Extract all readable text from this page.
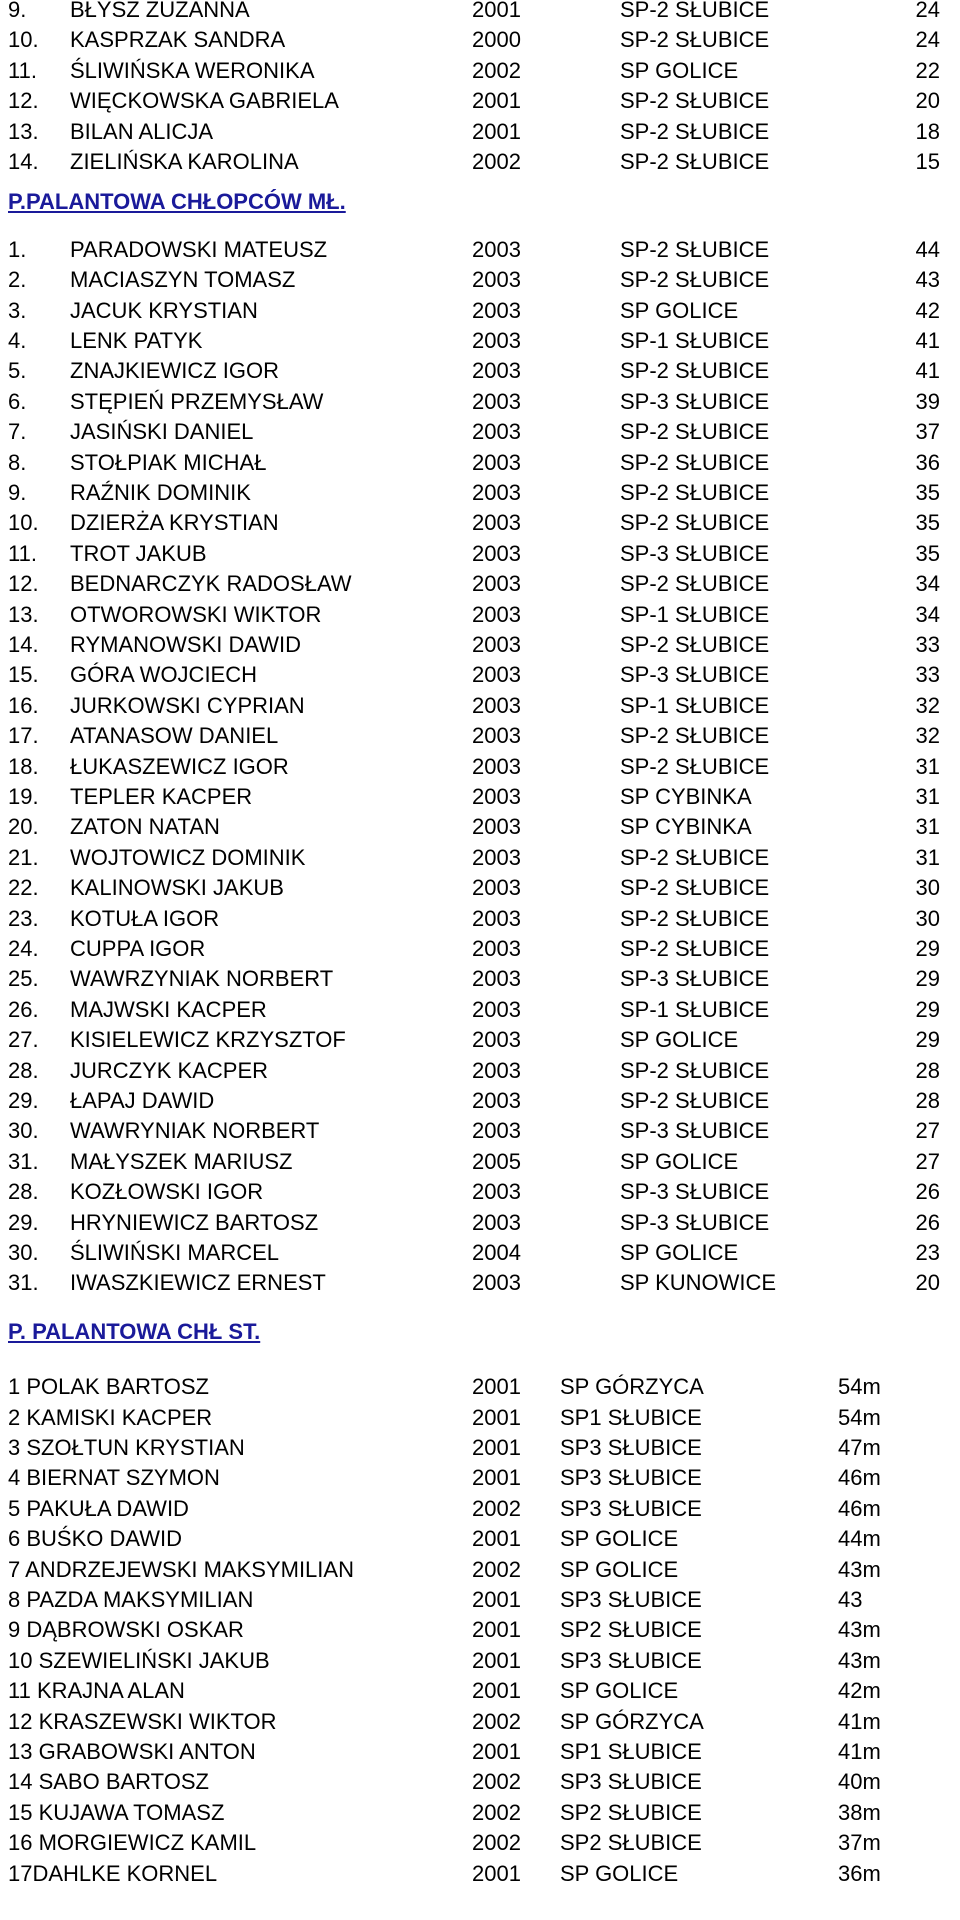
9. BŁYSZ ZUZANNA	2001	SP-2 SŁUBICE	24
10. KASPRZAK SANDRA	2000	SP-2 SŁUBICE	24
11. ŚLIWIŃSKA WERONIKA	2002	SP GOLICE	22
12. WIĘCKOWSKA GABRIELA	2001	SP-2 SŁUBICE	20
13. BILAN ALICJA	2001	SP-2 SŁUBICE	18
14. ZIELIŃSKA KAROLINA	2002	SP-2 SŁUBICE	15
P.PALANTOWA CHŁOPCÓW MŁ.
1. PARADOWSKI MATEUSZ	2003	SP-2 SŁUBICE	44
2. MACIASZYN TOMASZ	2003	SP-2 SŁUBICE	43
3. JACUK KRYSTIAN	2003	SP GOLICE	42
4. LENK PATYK	2003	SP-1 SŁUBICE	41
5. ZNAJKIEWICZ IGOR	2003	SP-2 SŁUBICE	41
6. STĘPIEŃ PRZEMYSŁAW	2003	SP-3 SŁUBICE	39
7. JASIŃSKI DANIEL	2003	SP-2 SŁUBICE	37
8. STOŁPIAK MICHAŁ	2003	SP-2 SŁUBICE	36
9. RAŹNIK DOMINIK	2003	SP-2 SŁUBICE	35
10. DZIERŻA KRYSTIAN	2003	SP-2 SŁUBICE	35
11. TROT JAKUB	2003	SP-3 SŁUBICE	35
12. BEDNARCZYK RADOSŁAW	2003	SP-2 SŁUBICE	34
13. OTWOROWSKI WIKTOR	2003	SP-1 SŁUBICE	34
14. RYMANOWSKI DAWID	2003	SP-2 SŁUBICE	33
15. GÓRA WOJCIECH	2003	SP-3 SŁUBICE	33
16. JURKOWSKI CYPRIAN	2003	SP-1 SŁUBICE	32
17. ATANASOW DANIEL	2003	SP-2 SŁUBICE	32
18. ŁUKASZEWICZ IGOR	2003	SP-2 SŁUBICE	31
19. TEPLER KACPER	2003	SP CYBINKA	31
20. ZATON NATAN	2003	SP CYBINKA	31
21. WOJTOWICZ DOMINIK	2003	SP-2 SŁUBICE	31
22. KALINOWSKI JAKUB	2003	SP-2 SŁUBICE	30
23. KOTUŁA IGOR	2003	SP-2 SŁUBICE	30
24. CUPPA IGOR	2003	SP-2 SŁUBICE	29
25. WAWRZYNIAK NORBERT	2003	SP-3 SŁUBICE	29
26. MAJWSKI KACPER	2003	SP-1 SŁUBICE	29
27. KISIELEWICZ KRZYSZTOF	2003	SP GOLICE	29
28. JURCZYK KACPER	2003	SP-2 SŁUBICE	28
29. ŁAPAJ DAWID	2003	SP-2 SŁUBICE	28
30. WAWRYNIAK NORBERT	2003	SP-3 SŁUBICE	27
31. MAŁYSZEK MARIUSZ	2005	SP GOLICE	27
28. KOZŁOWSKI IGOR	2003	SP-3 SŁUBICE	26
29. HRYNIEWICZ BARTOSZ	2003	SP-3 SŁUBICE	26
30. ŚLIWIŃSKI MARCEL	2004	SP GOLICE	23
31. IWASZKIEWICZ ERNEST	2003	SP KUNOWICE	20
P. PALANTOWA CHŁ ST.
1 POLAK BARTOSZ	2001 SP GÓRZYCA	54m
2 KAMISKI KACPER	2001 SP1 SŁUBICE	54m
3 SZOŁTUN KRYSTIAN	2001 SP3 SŁUBICE	47m
4 BIERNAT SZYMON	2001 SP3 SŁUBICE	46m
5 PAKUŁA DAWID	2002 SP3 SŁUBICE	46m
6 BUŚKO DAWID	2001 SP GOLICE	44m
7 ANDRZEJEWSKI MAKSYMILIAN	2002 SP GOLICE	43m
8 PAZDA MAKSYMILIAN	2001 SP3 SŁUBICE	43
9 DĄBROWSKI OSKAR	2001 SP2 SŁUBICE	43m
10 SZEWIELIŃSKI JAKUB	2001 SP3 SŁUBICE	43m
11 KRAJNA ALAN	2001 SP GOLICE	42m
12 KRASZEWSKI WIKTOR	2002 SP GÓRZYCA	41m
13 GRABOWSKI ANTON	2001 SP1 SŁUBICE	41m
14 SABO BARTOSZ	2002 SP3 SŁUBICE	40m
15 KUJAWA TOMASZ	2002 SP2 SŁUBICE	38m
16 MORGIEWICZ KAMIL	2002 SP2 SŁUBICE	37m
17DAHLKE KORNEL	2001 SP GOLICE	36m
